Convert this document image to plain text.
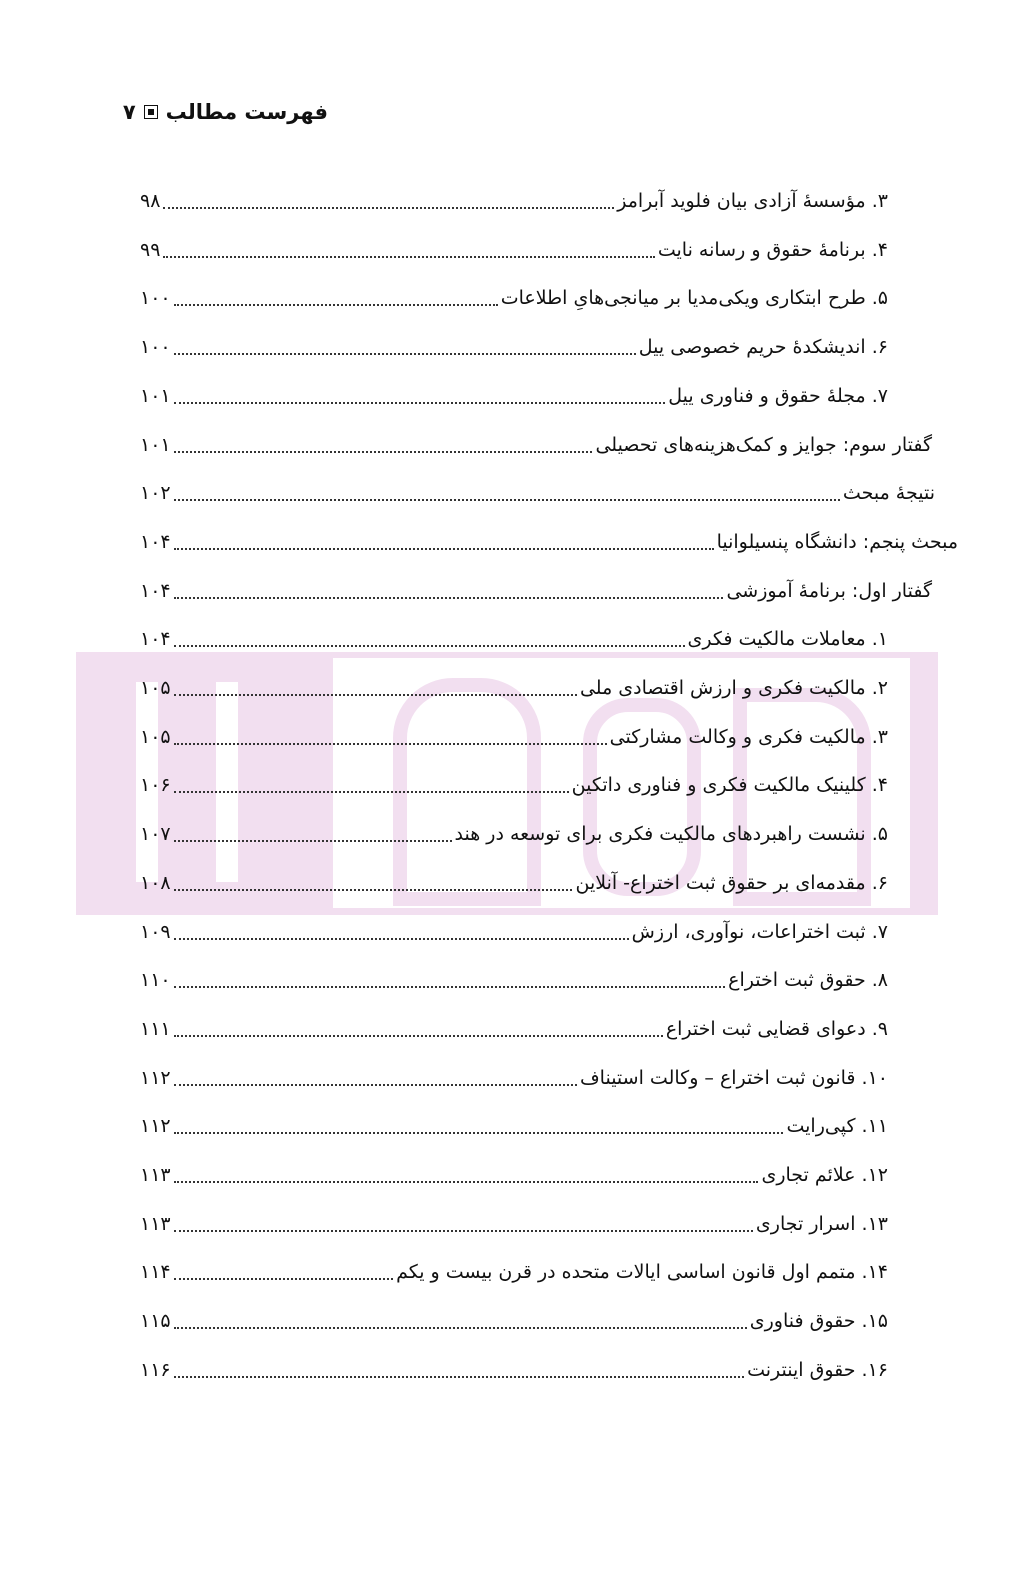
فهرست مطالب
۷
۳. مؤسسهٔ آزادی بیان فلوید آبرامز
۹۸
۴. برنامهٔ حقوق و رسانه نایت
۹۹
۵. طرح ابتکاری ویکی‌مدیا بر میانجی‌هایِ اطلاعات
۱۰۰
۶. اندیشکدهٔ حریم خصوصی ییل
۱۰۰
۷. مجلهٔ حقوق و فناوری ییل
۱۰۱
گفتار سوم: جوایز و کمک‌هزینه‌های تحصیلی
۱۰۱
نتیجهٔ مبحث
۱۰۲
مبحث پنجم: دانشگاه پنسیلوانیا
۱۰۴
گفتار اول: برنامهٔ آموزشی
۱۰۴
۱. معاملات مالکیت فکری
۱۰۴
۲. مالکیت فکری و ارزش اقتصادی ملی
۱۰۵
۳. مالکیت فکری و وکالت مشارکتی
۱۰۵
۴. کلینیک مالکیت فکری و فناوری داتکین
۱۰۶
۵. نشست راهبردهای مالکیت فکری برای توسعه در هند
۱۰۷
۶. مقدمه‌ای بر حقوق ثبت اختراع- آنلاین
۱۰۸
۷. ثبت اختراعات، نوآوری، ارزش
۱۰۹
۸. حقوق ثبت اختراع
۱۱۰
۹. دعوای قضایی ثبت اختراع
۱۱۱
۱۰. قانون ثبت اختراع – وکالت استیناف
۱۱۲
۱۱. کپی‌رایت
۱۱۲
۱۲. علائم تجاری
۱۱۳
۱۳. اسرار تجاری
۱۱۳
۱۴. متمم اول قانون اساسی ایالات متحده در قرن بیست و یکم
۱۱۴
۱۵. حقوق فناوری
۱۱۵
۱۶. حقوق اینترنت
۱۱۶
